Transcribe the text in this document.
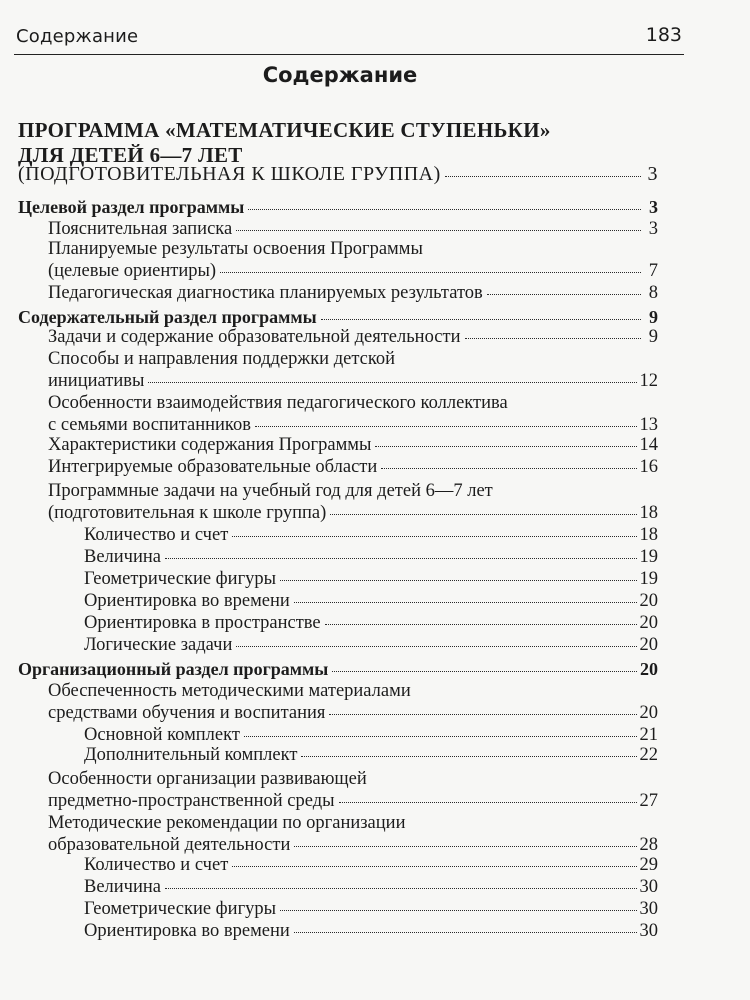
Содержание	183
Содержание
ПРОГРАММА «МАТЕМАТИЧЕСКИЕ СТУПЕНЬКИ»
ДЛЯ ДЕТЕЙ 6—7 ЛЕТ
(ПОДГОТОВИТЕЛЬНАЯ К ШКОЛЕ ГРУППА)	3
Целевой раздел программы	3
Пояснительная записка	3
Планируемые результаты освоения Программы
(целевые ориентиры)	7
Педагогическая диагностика планируемых результатов	8
Содержательный раздел программы	9
Задачи и содержание образовательной деятельности	9
Способы и направления поддержки детской
инициативы	12
Особенности взаимодействия педагогического коллектива
с семьями воспитанников	13
Характеристики содержания Программы	14
Интегрируемые образовательные области	16
Программные задачи на учебный год для детей 6—7 лет
(подготовительная к школе группа)	18
Количество и счет	18
Величина	19
Геометрические фигуры	19
Ориентировка во времени	20
Ориентировка в пространстве	20
Логические задачи	20
Организационный раздел программы	20
Обеспеченность методическими материалами
средствами обучения и воспитания	20
Основной комплект	21
Дополнительный комплект	22
Особенности организации развивающей
предметно-пространственной среды	27
Методические рекомендации по организации
образовательной деятельности	28
Количество и счет	29
Величина	30
Геометрические фигуры	30
Ориентировка во времени	30
